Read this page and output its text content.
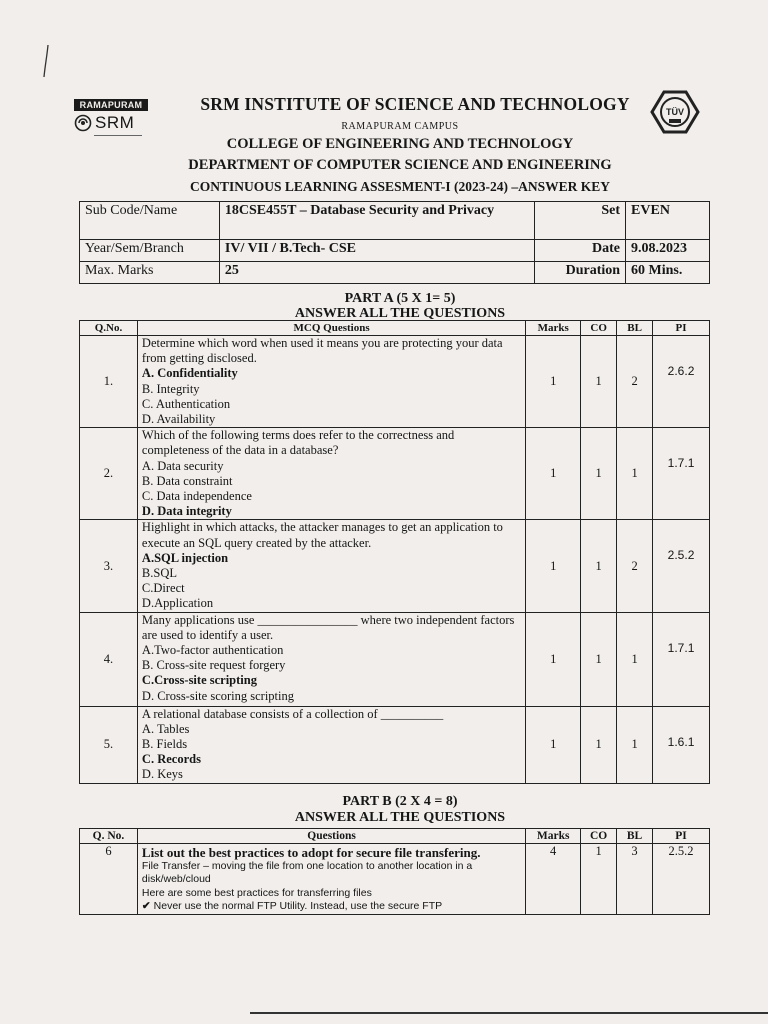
RAMAPURAM
SRM
TÜV
SRM INSTITUTE OF SCIENCE AND TECHNOLOGY
RAMAPURAM CAMPUS
COLLEGE OF ENGINEERING AND TECHNOLOGY
DEPARTMENT OF COMPUTER SCIENCE AND ENGINEERING
CONTINUOUS LEARNING ASSESMENT-I (2023-24) –ANSWER KEY
Sub Code/Name	18CSE455T – Database Security and Privacy	Set	EVEN
Year/Sem/Branch	IV/ VII / B.Tech- CSE	Date	9.08.2023
Max. Marks	25	Duration	60 Mins.
PART A (5 X 1= 5)
ANSWER ALL THE QUESTIONS
Q.No.	MCQ Questions	Marks	CO	BL	PI
1.	Determine which word when used it means you are protecting your data from getting disclosed.
A. Confidentiality
B. Integrity
C. Authentication
D. Availability	1	1	2	2.6.2
2.	Which of the following terms does refer to the correctness and completeness of the data in a database?
A. Data security
B. Data constraint
C. Data independence
D. Data integrity	1	1	1	1.7.1
3.	Highlight in which attacks, the attacker manages to get an application to execute an SQL query created by the attacker.
A.SQL injection
B.SQL
C.Direct
D.Application	1	1	2	2.5.2
4.	Many applications use ________________ where two independent factors are used to identify a user.
A.Two-factor authentication
B. Cross-site request forgery
C.Cross-site scripting
D. Cross-site scoring scripting	1	1	1	1.7.1
5.	A relational database consists of a collection of __________
A. Tables
B. Fields
C. Records
D. Keys	1	1	1	1.6.1
PART B (2 X 4 = 8)
ANSWER ALL THE QUESTIONS
Q. No.	Questions	Marks	CO	BL	PI
6	List out the best practices to adopt for secure file transfering.
File Transfer – moving the file from one location to another location in a disk/web/cloud
Here are some best practices for transferring files
✔ Never use the normal FTP Utility. Instead, use the secure FTP	4	1	3	2.5.2
